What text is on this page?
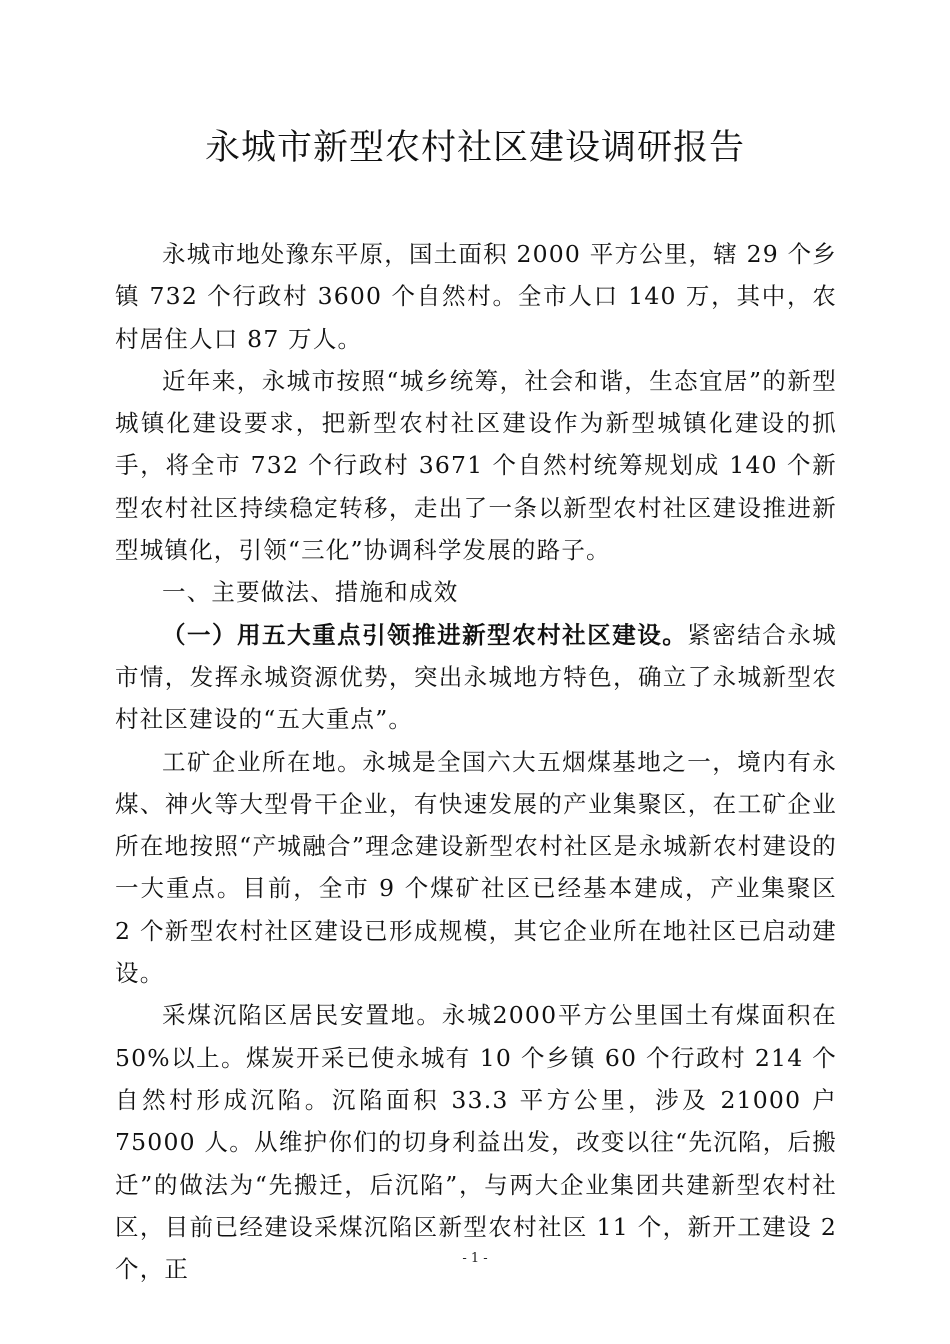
永城市新型农村社区建设调研报告

永城市地处豫东平原，国土面积 2000 平方公里，辖 29 个乡镇 732 个行政村 3600 个自然村。全市人口 140 万，其中，农村居住人口 87 万人。

近年来，永城市按照“城乡统筹，社会和谐，生态宜居”的新型城镇化建设要求，把新型农村社区建设作为新型城镇化建设的抓手，将全市 732 个行政村 3671 个自然村统筹规划成 140 个新型农村社区持续稳定转移，走出了一条以新型农村社区建设推进新型城镇化，引领“三化”协调科学发展的路子。

一、主要做法、措施和成效

（一）用五大重点引领推进新型农村社区建设。紧密结合永城市情，发挥永城资源优势，突出永城地方特色，确立了永城新型农村社区建设的“五大重点”。

工矿企业所在地。永城是全国六大五烟煤基地之一，境内有永煤、神火等大型骨干企业，有快速发展的产业集聚区，在工矿企业所在地按照“产城融合”理念建设新型农村社区是永城新农村建设的一大重点。目前，全市 9 个煤矿社区已经基本建成，产业集聚区 2 个新型农村社区建设已形成规模，其它企业所在地社区已启动建设。

采煤沉陷区居民安置地。永城2000平方公里国土有煤面积在50%以上。煤炭开采已使永城有 10 个乡镇 60 个行政村 214 个自然村形成沉陷。沉陷面积 33.3 平方公里，涉及 21000 户 75000 人。从维护你们的切身利益出发，改变以往“先沉陷，后搬迁”的做法为“先搬迁，后沉陷”，与两大企业集团共建新型农村社区，目前已经建设采煤沉陷区新型农村社区 11 个，新开工建设 2 个，正	- 1 -
